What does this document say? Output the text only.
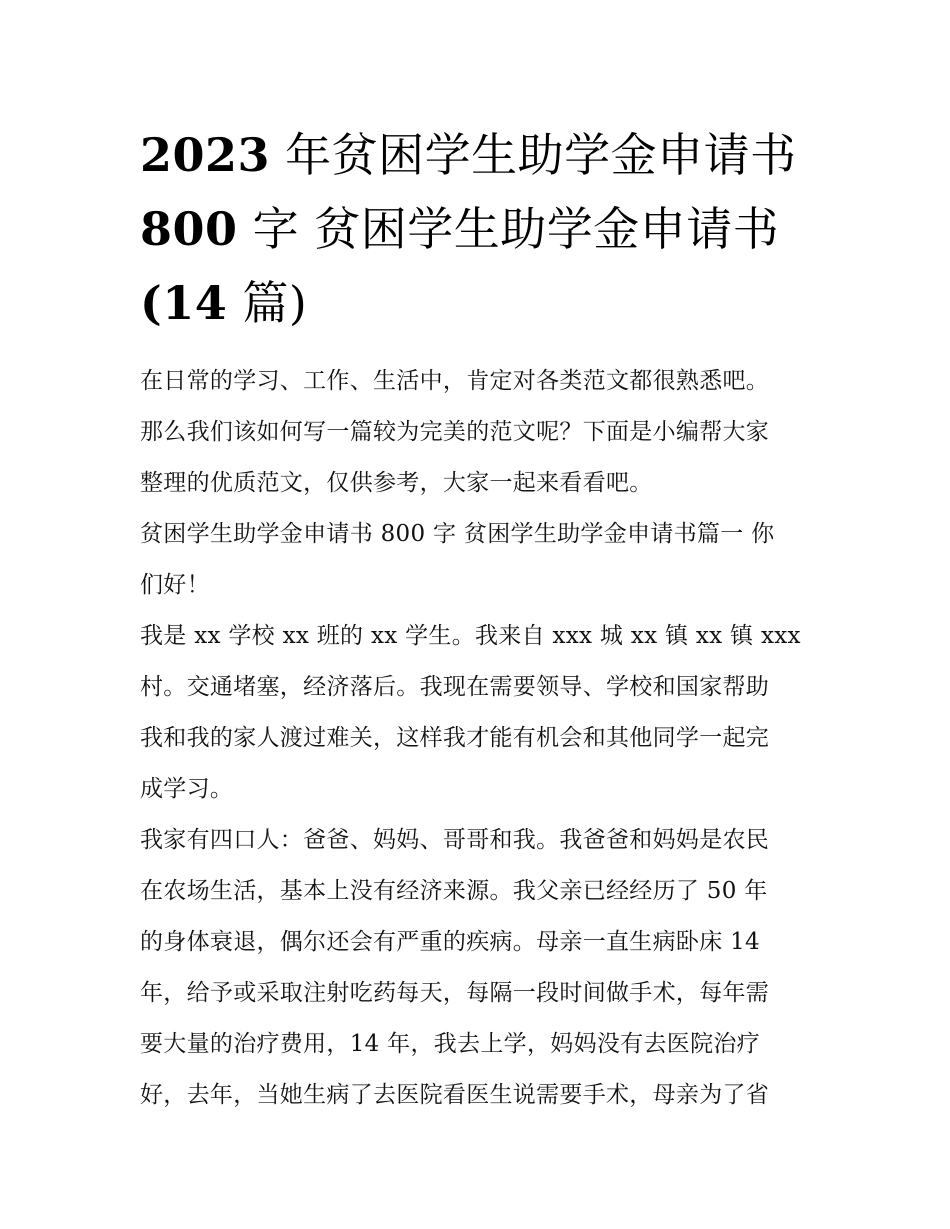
2023 年贫困学生助学金申请书
800 字 贫困学生助学金申请书
(14 篇)
在日常的学习、工作、生活中，肯定对各类范文都很熟悉吧。
那么我们该如何写一篇较为完美的范文呢？下面是小编帮大家
整理的优质范文，仅供参考，大家一起来看看吧。
贫困学生助学金申请书 800 字 贫困学生助学金申请书篇一 你
们好！
我是 xx 学校 xx 班的 xx 学生。我来自 xxx 城 xx 镇 xx 镇 xxx
村。交通堵塞，经济落后。我现在需要领导、学校和国家帮助
我和我的家人渡过难关，这样我才能有机会和其他同学一起完
成学习。
我家有四口人：爸爸、妈妈、哥哥和我。我爸爸和妈妈是农民
在农场生活，基本上没有经济来源。我父亲已经经历了 50 年
的身体衰退，偶尔还会有严重的疾病。母亲一直生病卧床 14
年，给予或采取注射吃药每天，每隔一段时间做手术，每年需
要大量的治疗费用，14 年，我去上学，妈妈没有去医院治疗
好，去年，当她生病了去医院看医生说需要手术，母亲为了省
